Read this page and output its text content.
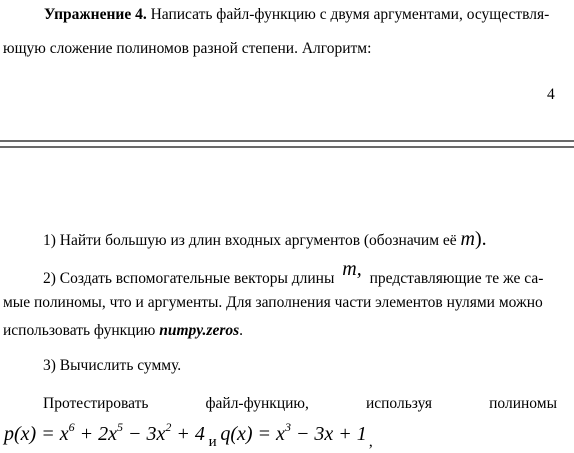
Упражнение 4. Написать файл-функцию с двумя аргументами, осуществля-
ющую сложение полиномов разной степени. Алгоритм:
4
1) Найти большую из длин входных аргументов (обозначим её m).
2) Создать вспомогательные векторы длины m, представляющие те же са-
мые полиномы, что и аргументы. Для заполнения части элементов нулями можно
использовать функцию numpy.zeros.
3) Вычислить сумму.
Протестировать	файл-функцию,	используя	полиномы
$p(x) = x^6 + 2x^5 - 3x^2 + 4$ и $q(x) = x^3 - 3x + 1$ ,
